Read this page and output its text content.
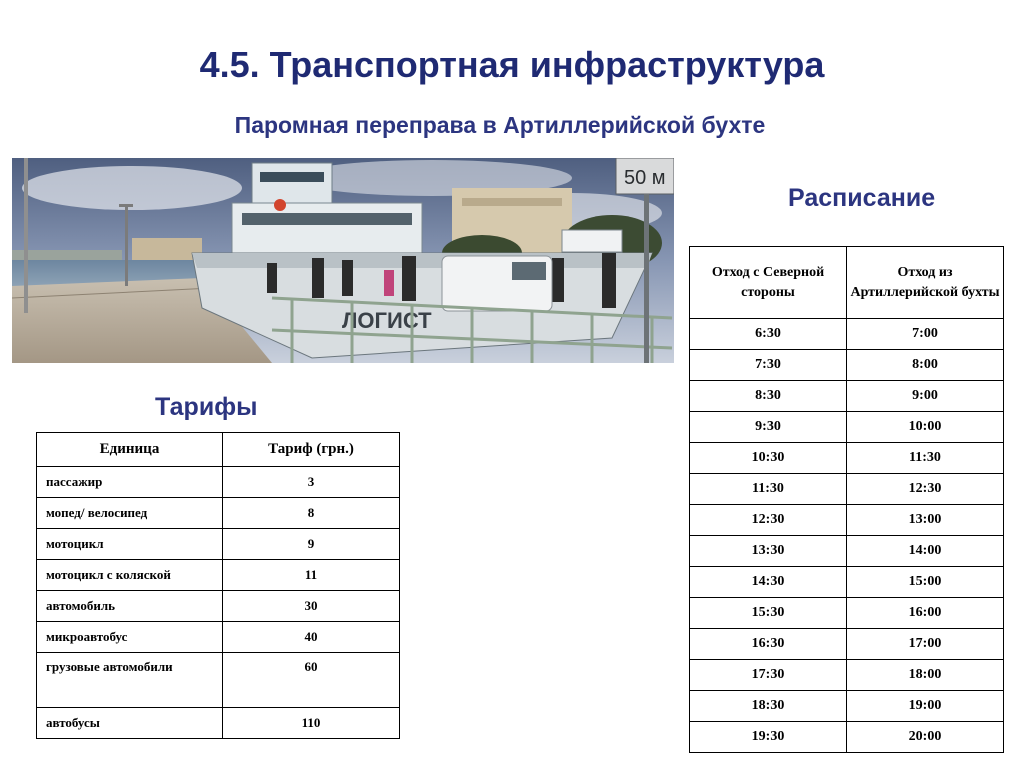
4.5. Транспортная инфраструктура
Паромная переправа в Артиллерийской бухте
ЛОГИСТ
50 м
Расписание
Отход с Северной стороны	Отход из Артиллерийской бухты
6:30	7:00
7:30	8:00
8:30	9:00
9:30	10:00
10:30	11:30
11:30	12:30
12:30	13:00
13:30	14:00
14:30	15:00
15:30	16:00
16:30	17:00
17:30	18:00
18:30	19:00
19:30	20:00
Тарифы
Единица	Тариф (грн.)
пассажир	3
мопед/ велосипед	8
мотоцикл	9
мотоцикл с коляской	11
автомобиль	30
микроавтобус	40
грузовые автомобили	60
автобусы	110
